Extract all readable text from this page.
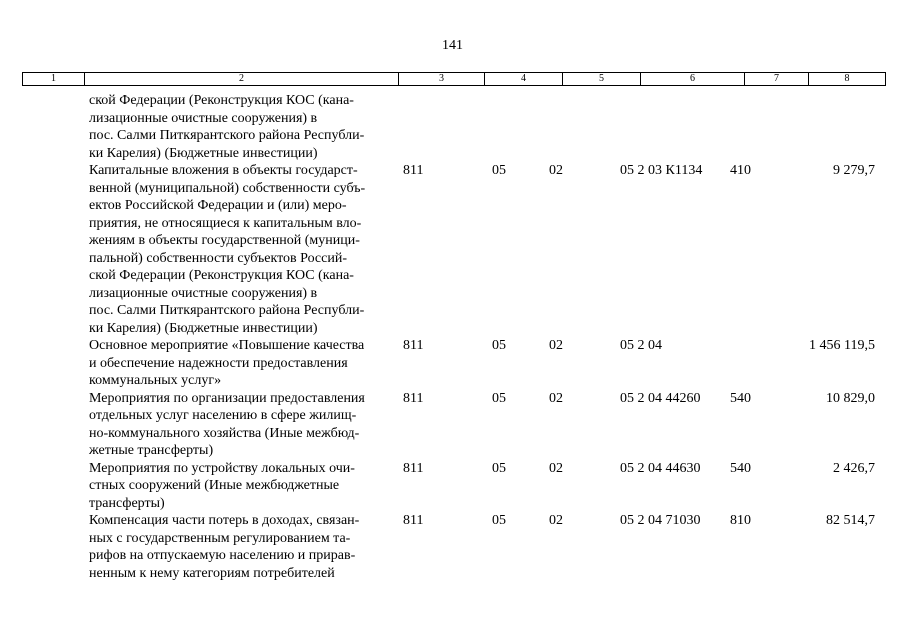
141
1	2	3	4	5	6	7	8
ской Федерации (Реконструкция КОС (кана-
лизационные очистные сооружения) в
пос. Салми Питкярантского района Республи-
ки Карелия) (Бюджетные инвестиции)
Капитальные вложения в объекты государст-
венной (муниципальной) собственности субъ-
ектов Российской Федерации и (или) меро-
приятия, не относящиеся к капитальным вло-
жениям в объекты государственной (муници-
пальной) собственности субъектов Россий-
ской Федерации (Реконструкция КОС (кана-
лизационные очистные сооружения) в
пос. Салми Питкярантского района Республи-
ки Карелия) (Бюджетные инвестиции)
811	05	02	05 2 03 К1134 410	9 279,7
Основное мероприятие «Повышение качества
и обеспечение надежности предоставления
коммунальных услуг»
811	05	02	05 2 04	1 456 119,5
Мероприятия по организации предоставления
отдельных услуг населению в сфере жилищ-
но-коммунального хозяйства (Иные межбюд-
жетные трансферты)
811	05	02	05 2 04 44260 540	10 829,0
Мероприятия по устройству локальных очи-
стных сооружений (Иные межбюджетные
трансферты)
811	05	02	05 2 04 44630 540	2 426,7
Компенсация части потерь в доходах, связан-
ных с государственным регулированием та-
рифов на отпускаемую населению и прирав-
ненным к нему категориям потребителей
811	05	02	05 2 04 71030 810	82 514,7
